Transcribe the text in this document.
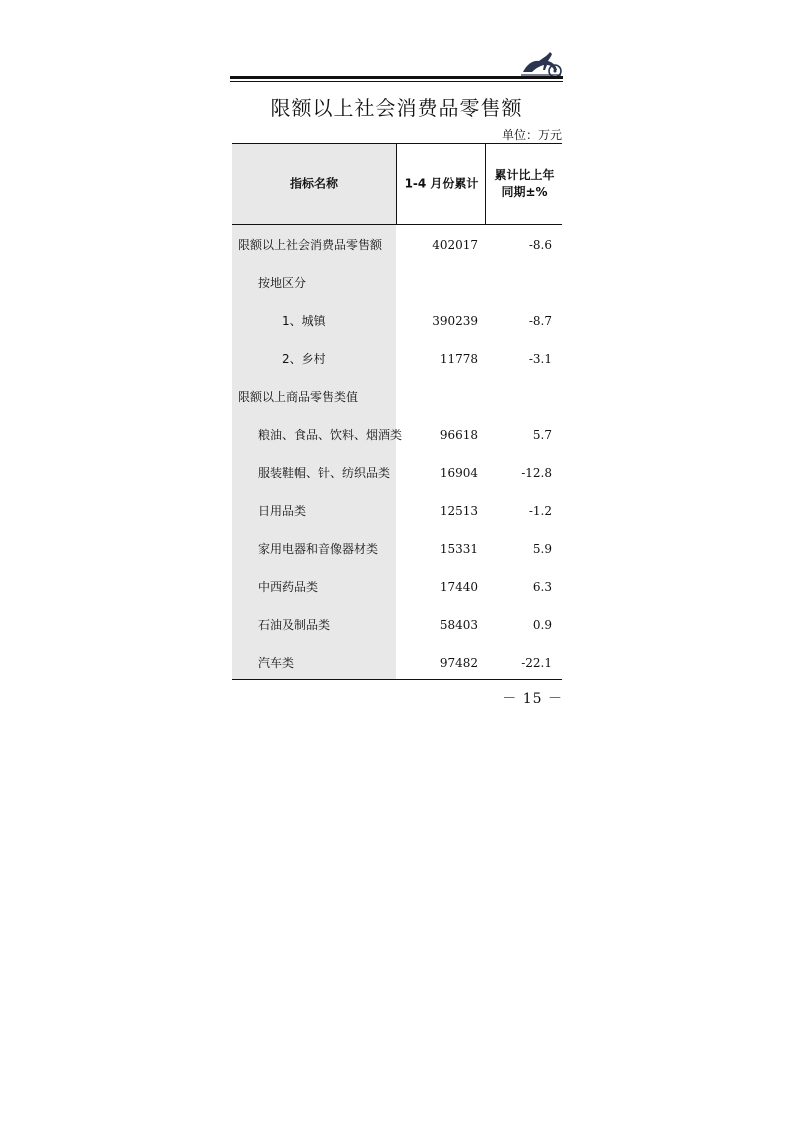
限额以上社会消费品零售额
单位：万元
指标名称	1-4 月份累计
累计比上年
同期±%
限额以上社会消费品零售额	402017	-8.6
按地区分
1、城镇	390239	-8.7
2、乡村	11778	-3.1
限额以上商品零售类值
粮油、食品、饮料、烟酒类	96618	5.7
服装鞋帽、针、纺织品类	16904	-12.8
日用品类	12513	-1.2
家用电器和音像器材类	15331	5.9
中西药品类	17440	6.3
石油及制品类	58403	0.9
汽车类	97482	-22.1
－ 15 －
